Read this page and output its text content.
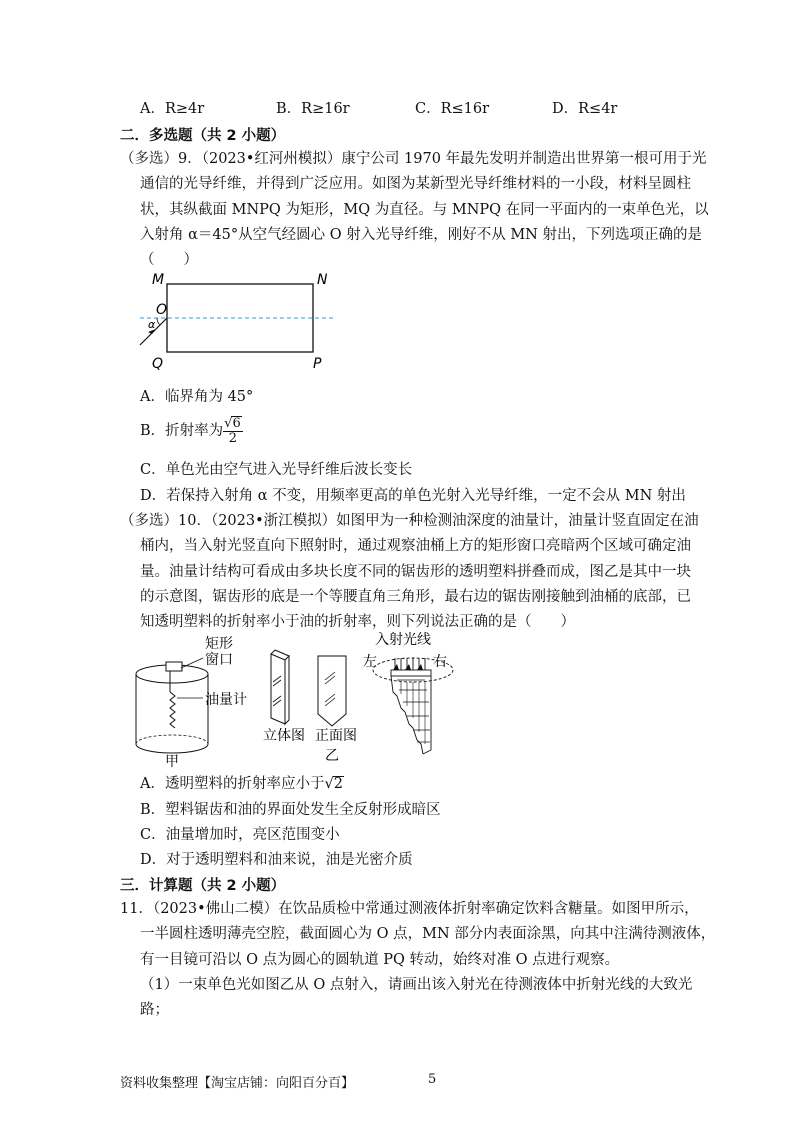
A．R≥4r	B．R≥16r	C．R≤16r	D．R≤4r
二．多选题（共 2 小题）
（多选）9．（2023•红河州模拟）康宁公司 1970 年最先发明并制造出世界第一根可用于光
通信的光导纤维，并得到广泛应用。如图为某新型光导纤维材料的一小段，材料呈圆柱
状，其纵截面 MNPQ 为矩形，MQ 为直径。与 MNPQ 在同一平面内的一束单色光，以
入射角 α＝45°从空气经圆心 O 射入光导纤维，刚好不从 MN 射出，下列选项正确的是
（　　）
M	N
O
α
Q	P
A．临界角为 45°
B．折射率为 $\frac{√6}{2}$
C．单色光由空气进入光导纤维后波长变长
D．若保持入射角 α 不变，用频率更高的单色光射入光导纤维，一定不会从 MN 射出
（多选）10．（2023•浙江模拟）如图甲为一种检测油深度的油量计，油量计竖直固定在油
桶内，当入射光竖直向下照射时，通过观察油桶上方的矩形窗口亮暗两个区域可确定油
量。油量计结构可看成由多块长度不同的锯齿形的透明塑料拼叠而成，图乙是其中一块
的示意图，锯齿形的底是一个等腰直角三角形，最右边的锯齿刚接触到油桶的底部，已
知透明塑料的折射率小于油的折射率，则下列说法正确的是（　　）
矩形
窗口
油量计
甲
立体图 正面图
乙
入射光线
左	右
A．透明塑料的折射率应小于√2
B．塑料锯齿和油的界面处发生全反射形成暗区
C．油量增加时，亮区范围变小
D．对于透明塑料和油来说，油是光密介质
三．计算题（共 2 小题）
11．（2023•佛山二模）在饮品质检中常通过测液体折射率确定饮料含糖量。如图甲所示，
一半圆柱透明薄壳空腔，截面圆心为 O 点，MN 部分内表面涂黑，向其中注满待测液体，
有一目镜可沿以 O 点为圆心的圆轨道 PQ 转动，始终对准 O 点进行观察。
（1）一束单色光如图乙从 O 点射入，请画出该入射光在待测液体中折射光线的大致光
路；
资料收集整理【淘宝店铺：向阳百分百】	5
